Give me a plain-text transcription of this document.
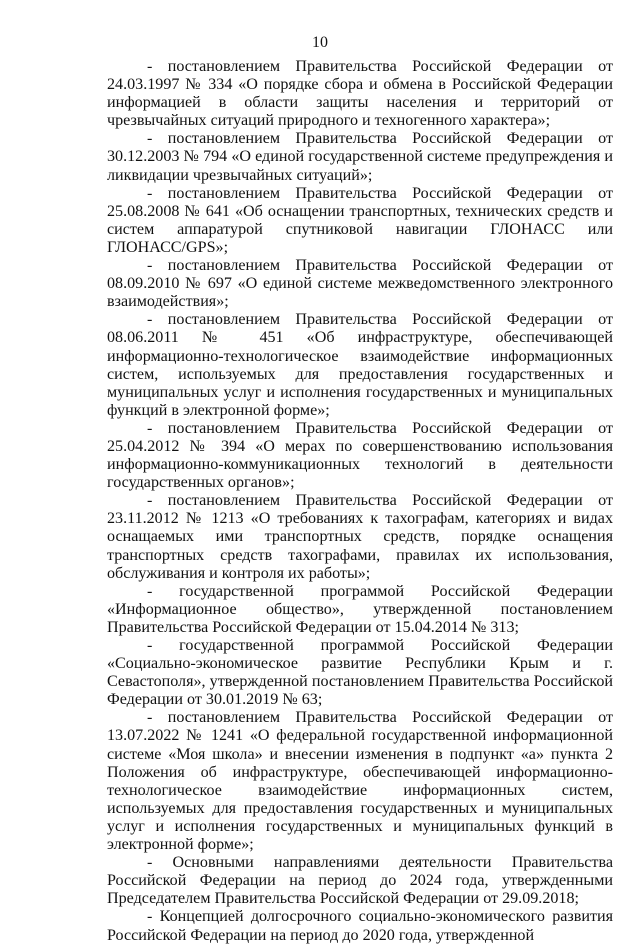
10

- постановлением Правительства Российской Федерации от 24.03.1997 № 334 «О порядке сбора и обмена в Российской Федерации информацией в области защиты населения и территорий от чрезвычайных ситуаций природного и техногенного характера»;

- постановлением Правительства Российской Федерации от 30.12.2003 № 794 «О единой государственной системе предупреждения и ликвидации чрезвычайных ситуаций»;

- постановлением Правительства Российской Федерации от 25.08.2008 № 641 «Об оснащении транспортных, технических средств и систем аппаратурой спутниковой навигации ГЛОНАСС или ГЛОНАСС/GPS»;

- постановлением Правительства Российской Федерации от 08.09.2010 № 697 «О единой системе межведомственного электронного взаимодействия»;

- постановлением Правительства Российской Федерации от 08.06.2011 № 451 «Об инфраструктуре, обеспечивающей информационно-технологическое взаимодействие информационных систем, используемых для предоставления государственных и муниципальных услуг и исполнения государственных и муниципальных функций в электронной форме»;

- постановлением Правительства Российской Федерации от 25.04.2012 № 394 «О мерах по совершенствованию использования информационно-коммуникационных технологий в деятельности государственных органов»;

- постановлением Правительства Российской Федерации от 23.11.2012 № 1213 «О требованиях к тахографам, категориях и видах оснащаемых ими транспортных средств, порядке оснащения транспортных средств тахографами, правилах их использования, обслуживания и контроля их работы»;

- государственной программой Российской Федерации «Информационное общество», утвержденной постановлением Правительства Российской Федерации от 15.04.2014 № 313;

- государственной программой Российской Федерации «Социально-экономическое развитие Республики Крым и г. Севастополя», утвержденной постановлением Правительства Российской Федерации от 30.01.2019 № 63;

- постановлением Правительства Российской Федерации от 13.07.2022 № 1241 «О федеральной государственной информационной системе «Моя школа» и внесении изменения в подпункт «а» пункта 2 Положения об инфраструктуре, обеспечивающей информационно-технологическое взаимодействие информационных систем, используемых для предоставления государственных и муниципальных услуг и исполнения государственных и муниципальных функций в электронной форме»;

- Основными направлениями деятельности Правительства Российской Федерации на период до 2024 года, утвержденными Председателем Правительства Российской Федерации от 29.09.2018;

- Концепцией долгосрочного социально-экономического развития Российской Федерации на период до 2020 года, утвержденной
